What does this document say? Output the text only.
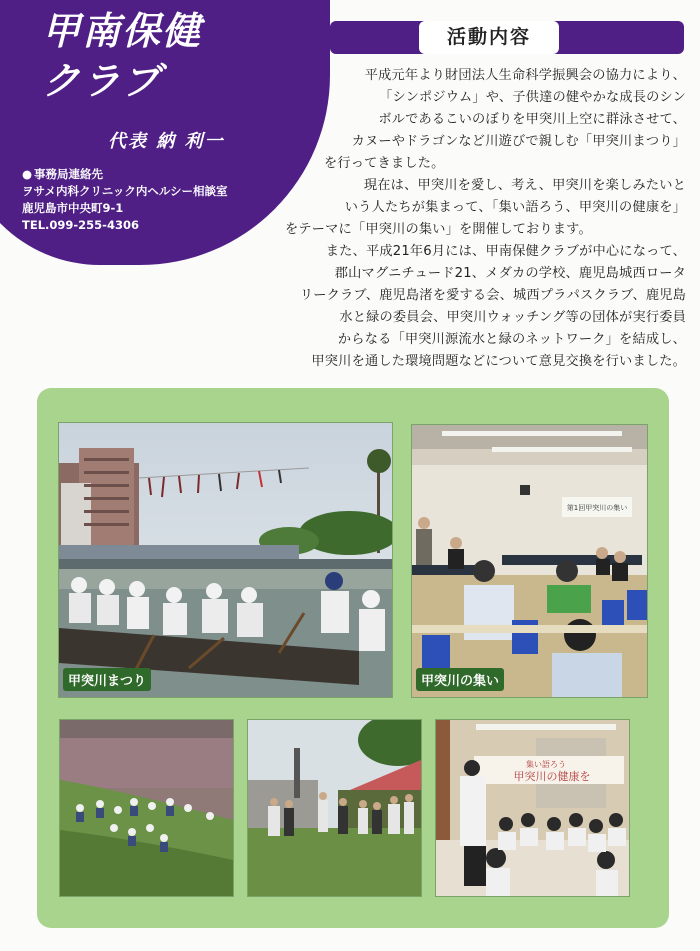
甲南保健
クラブ
代表 納 利一
● 事務局連絡先
ヲサメ内科クリニック内ヘルシー相談室
鹿児島市中央町9-1
TEL.099-255-4306
活動内容
平成元年より財団法人生命科学振興会の協力により、
「シンポジウム」や、子供達の健やかな成長のシン
ボルであるこいのぼりを甲突川上空に群泳させて、
カヌーやドラゴンなど川遊びで親しむ「甲突川まつり」
を行ってきました。
現在は、甲突川を愛し、考え、甲突川を楽しみたいと
いう人たちが集まって、「集い語ろう、甲突川の健康を」
をテーマに「甲突川の集い」を開催しております。
また、平成21年6月には、甲南保健クラブが中心になって、
郡山マグニチュード21、メダカの学校、鹿児島城西ロータ
リークラブ、鹿児島渚を愛する会、城西プラパスクラブ、鹿児島
水と緑の委員会、甲突川ウォッチング等の団体が実行委員
からなる「甲突川源流水と緑のネットワーク」を結成し、
甲突川を通した環境問題などについて意見交換を行いました。
甲突川まつり
第1回甲突川の集い
甲突川の集い
集い語ろう
甲突川の健康を
